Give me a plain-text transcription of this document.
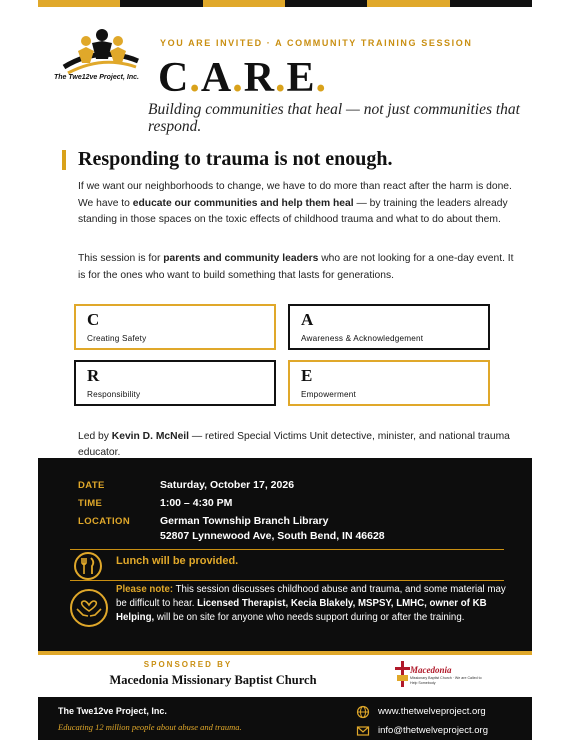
The Twe12ve Project, Inc.
YOU ARE INVITED · A COMMUNITY TRAINING SESSION
C.A.R.E.
Building communities that heal — not just communities that respond.
Responding to trauma is not enough.

If we want our neighborhoods to change, we have to do more than react after the harm is done. We have to educate our communities and help them heal — by training the leaders already standing in those spaces on the toxic effects of childhood trauma and what to do about them.

This session is for parents and community leaders who are not looking for a one-day event. It is for the ones who want to build something that lasts for generations.

C
Creating Safety
A
Awareness & Acknowledgement
R
Responsibility
E
Empowerment

Led by Kevin D. McNeil — retired Special Victims Unit detective, minister, and national trauma educator.

DATE	Saturday, October 17, 2026
TIME	1:00 – 4:30 PM
LOCATION	German Township Branch Library
52807 Lynnewood Ave, South Bend, IN 46628
Lunch will be provided.

Please note: This session discusses childhood abuse and trauma, and some material may be difficult to hear. Licensed Therapist, Kecia Blakely, MSPSY, LMHC, owner of KB Helping, will be on site for anyone who needs support during or after the training.

SPONSORED BY
Macedonia Missionary Baptist Church
Macedonia
Missionary Baptist Church · We are Called to Help Somebody
The Twe12ve Project, Inc.
Educating 12 million people about abuse and trauma.
www.thetwelveproject.org
info@thetwelveproject.org
